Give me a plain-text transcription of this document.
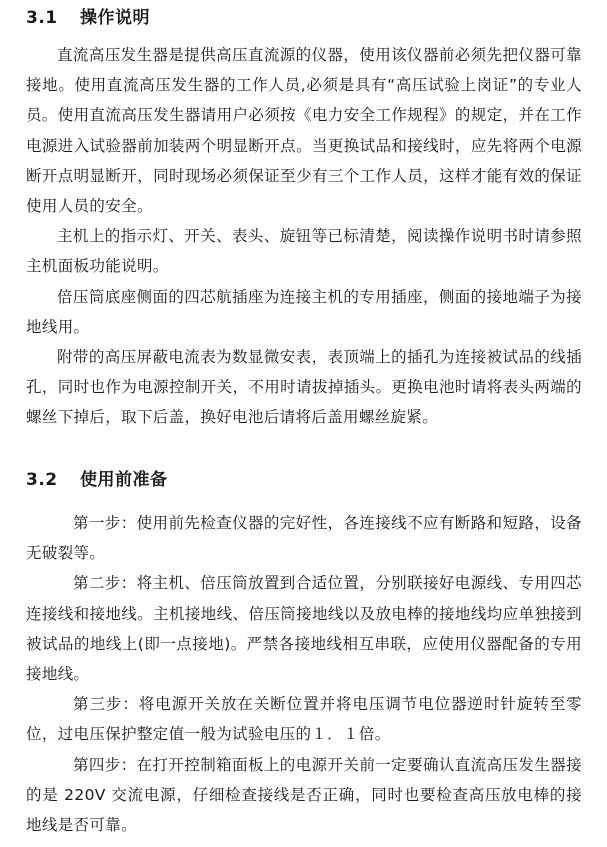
3.1 操作说明

直流高压发生器是提供高压直流源的仪器，使用该仪器前必须先把仪器可靠接地。使用直流高压发生器的工作人员,必须是具有“高压试验上岗证”的专业人员。使用直流高压发生器请用户必须按《电力安全工作规程》的规定，并在工作电源进入试验器前加装两个明显断开点。当更换试品和接线时，应先将两个电源断开点明显断开，同时现场必须保证至少有三个工作人员，这样才能有效的保证使用人员的安全。

主机上的指示灯、开关、表头、旋钮等已标清楚，阅读操作说明书时请参照主机面板功能说明。

倍压筒底座侧面的四芯航插座为连接主机的专用插座，侧面的接地端子为接地线用。

附带的高压屏蔽电流表为数显微安表，表顶端上的插孔为连接被试品的线插孔，同时也作为电源控制开关，不用时请拔掉插头。更换电池时请将表头两端的螺丝下掉后，取下后盖，换好电池后请将后盖用螺丝旋紧。

3.2 使用前准备

第一步：使用前先检查仪器的完好性，各连接线不应有断路和短路，设备无破裂等。

第二步：将主机、倍压筒放置到合适位置，分别联接好电源线、专用四芯连接线和接地线。主机接地线、倍压筒接地线以及放电棒的接地线均应单独接到被试品的地线上(即一点接地)。严禁各接地线相互串联，应使用仪器配备的专用接地线。

第三步：将电源开关放在关断位置并将电压调节电位器逆时针旋转至零位，过电压保护整定值一般为试验电压的１．１倍。

第四步：在打开控制箱面板上的电源开关前一定要确认直流高压发生器接的是 220V 交流电源，仔细检查接线是否正确，同时也要检查高压放电棒的接地线是否可靠。
